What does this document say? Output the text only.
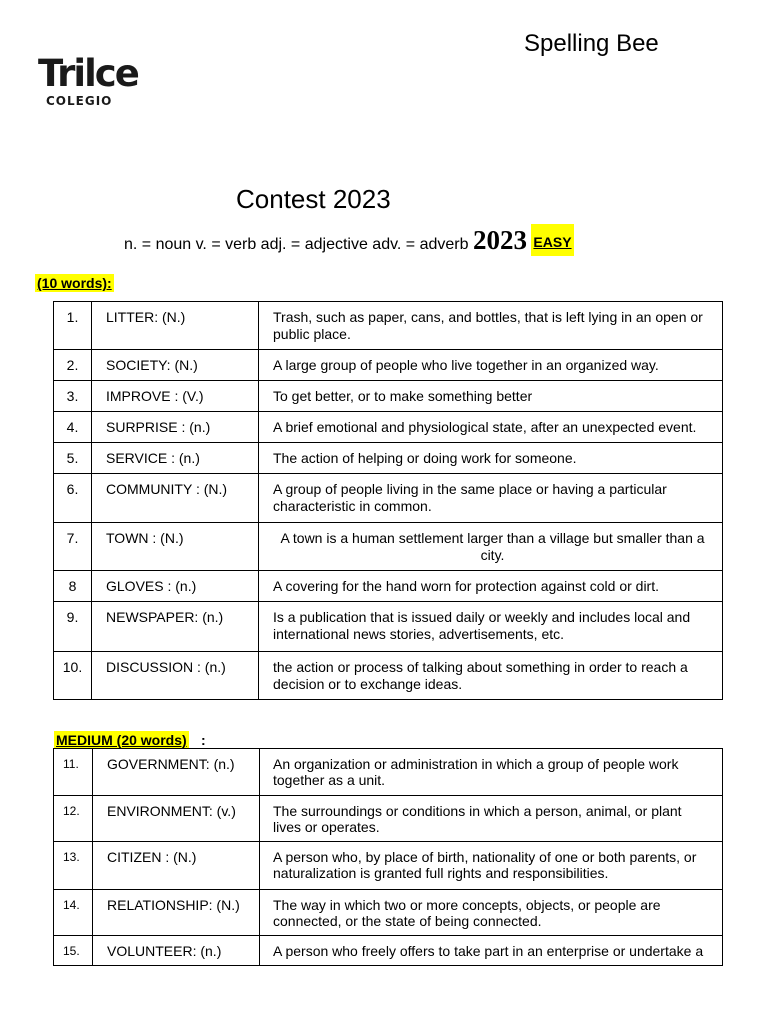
Trilce
COLEGIO
Spelling Bee
Contest 2023
n. = noun v. = verb adj. = adjective adv. = adverb 2023 EASY
(10 words):
1.	LITTER: (N.)	Trash, such as paper, cans, and bottles, that is left lying in an open or public place.
2.	SOCIETY: (N.)	A large group of people who live together in an organized way.
3.	IMPROVE : (V.)	To get better, or to make something better
4.	SURPRISE : (n.)	A brief emotional and physiological state, after an unexpected event.
5.	SERVICE : (n.)	The action of helping or doing work for someone.
6.	COMMUNITY : (N.)	A group of people living in the same place or having a particular characteristic in common.
7.	TOWN : (N.)	A town is a human settlement larger than a village but smaller than a city.
8	GLOVES : (n.)	A covering for the hand worn for protection against cold or dirt.
9.	NEWSPAPER: (n.)	Is a publication that is issued daily or weekly and includes local and international news stories, advertisements, etc.
10.	DISCUSSION : (n.)	the action or process of talking about something in order to reach a decision or to exchange ideas.
MEDIUM (20 words) :
11.	GOVERNMENT: (n.)	An organization or administration in which a group of people work together as a unit.
12.	ENVIRONMENT: (v.)	The surroundings or conditions in which a person, animal, or plant lives or operates.
13.	CITIZEN : (N.)	A person who, by place of birth, nationality of one or both parents, or naturalization is granted full rights and responsibilities.
14.	RELATIONSHIP: (N.)	The way in which two or more concepts, objects, or people are connected, or the state of being connected.
15.	VOLUNTEER: (n.)	A person who freely offers to take part in an enterprise or undertake a
